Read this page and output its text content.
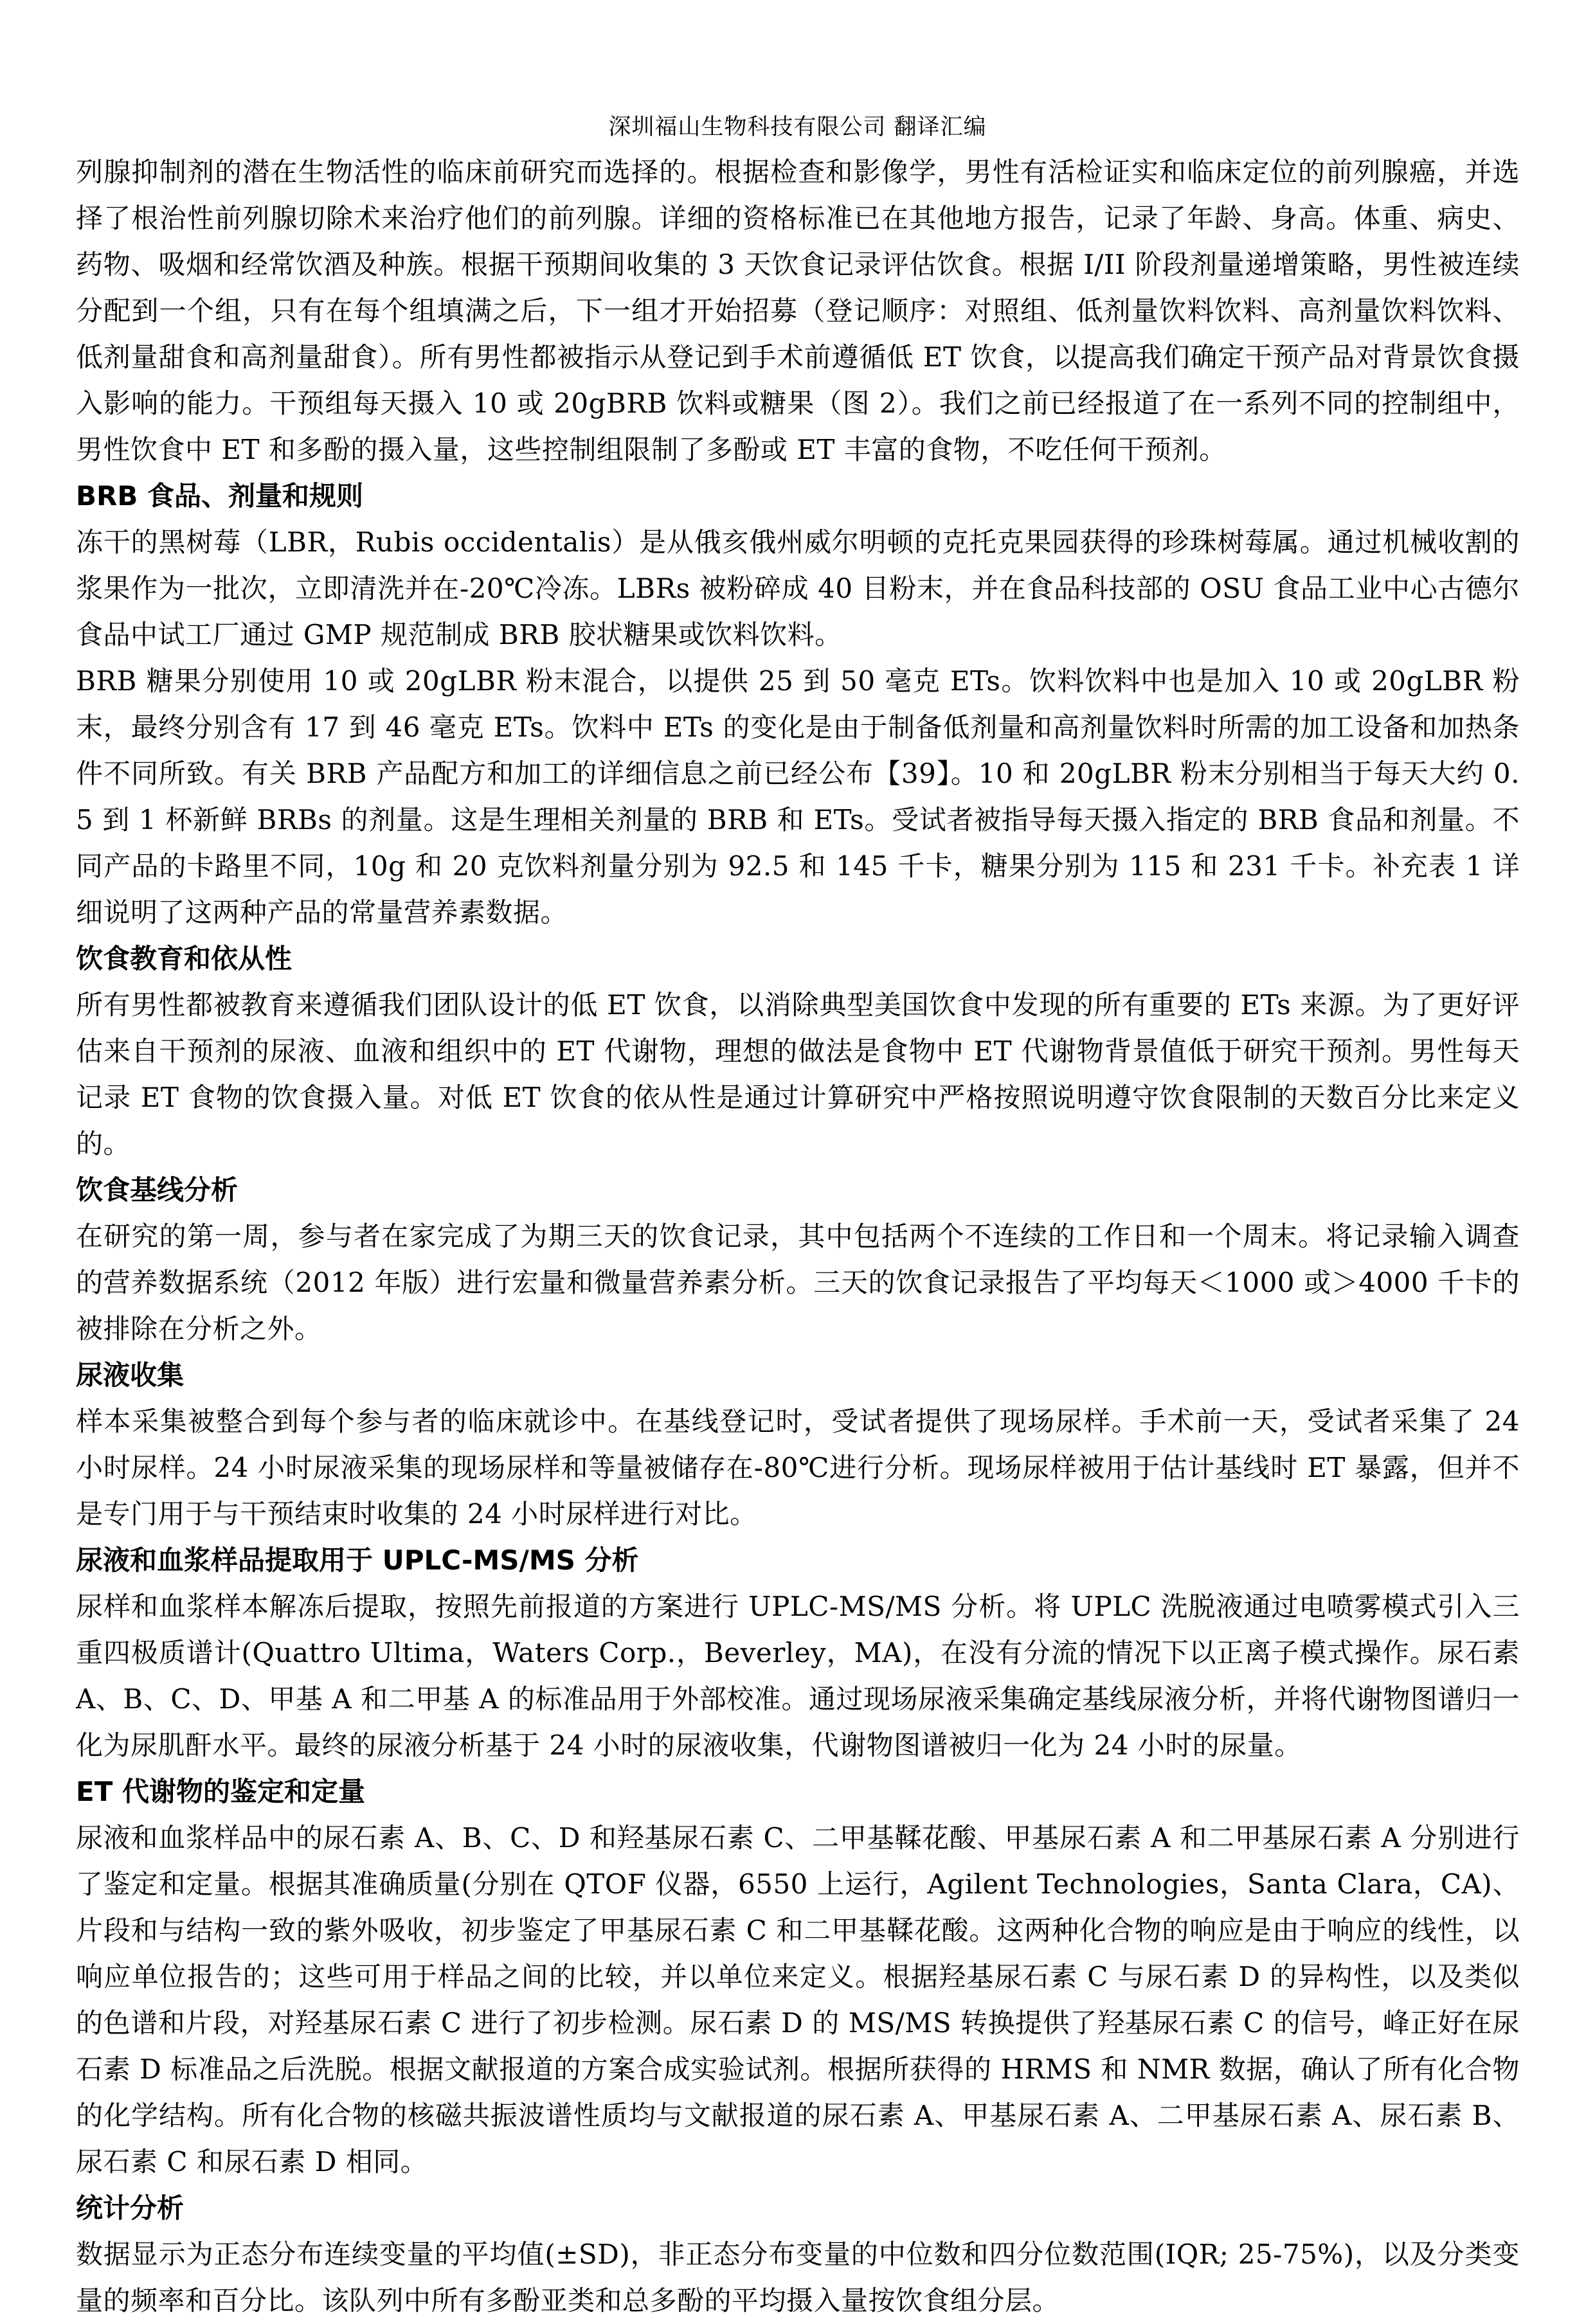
深圳福山生物科技有限公司 翻译汇编

列腺抑制剂的潜在生物活性的临床前研究而选择的。根据检查和影像学，男性有活检证实和临床定位的前列腺癌，并选择了根治性前列腺切除术来治疗他们的前列腺。详细的资格标准已在其他地方报告，记录了年龄、身高。体重、病史、药物、吸烟和经常饮酒及种族。根据干预期间收集的 3 天饮食记录评估饮食。根据 I/II 阶段剂量递增策略，男性被连续分配到一个组，只有在每个组填满之后，下一组才开始招募（登记顺序：对照组、低剂量饮料饮料、高剂量饮料饮料、低剂量甜食和高剂量甜食）。所有男性都被指示从登记到手术前遵循低 ET 饮食，以提高我们确定干预产品对背景饮食摄入影响的能力。干预组每天摄入 10 或 20gBRB 饮料或糖果（图 2）。我们之前已经报道了在一系列不同的控制组中，男性饮食中 ET 和多酚的摄入量，这些控制组限制了多酚或 ET 丰富的食物，不吃任何干预剂。

BRB 食品、剂量和规则

冻干的黑树莓（LBR，Rubis occidentalis）是从俄亥俄州威尔明顿的克托克果园获得的珍珠树莓属。通过机械收割的浆果作为一批次，立即清洗并在-20℃冷冻。LBRs 被粉碎成 40 目粉末，并在食品科技部的 OSU 食品工业中心古德尔食品中试工厂通过 GMP 规范制成 BRB 胶状糖果或饮料饮料。

BRB 糖果分别使用 10 或 20gLBR 粉末混合，以提供 25 到 50 毫克 ETs。饮料饮料中也是加入 10 或 20gLBR 粉末，最终分别含有 17 到 46 毫克 ETs。饮料中 ETs 的变化是由于制备低剂量和高剂量饮料时所需的加工设备和加热条件不同所致。有关 BRB 产品配方和加工的详细信息之前已经公布【39】。10 和 20gLBR 粉末分别相当于每天大约 0.5 到 1 杯新鲜 BRBs 的剂量。这是生理相关剂量的 BRB 和 ETs。受试者被指导每天摄入指定的 BRB 食品和剂量。不同产品的卡路里不同，10g 和 20 克饮料剂量分别为 92.5 和 145 千卡，糖果分别为 115 和 231 千卡。补充表 1 详细说明了这两种产品的常量营养素数据。

饮食教育和依从性

所有男性都被教育来遵循我们团队设计的低 ET 饮食，以消除典型美国饮食中发现的所有重要的 ETs 来源。为了更好评估来自干预剂的尿液、血液和组织中的 ET 代谢物，理想的做法是食物中 ET 代谢物背景值低于研究干预剂。男性每天记录 ET 食物的饮食摄入量。对低 ET 饮食的依从性是通过计算研究中严格按照说明遵守饮食限制的天数百分比来定义的。

饮食基线分析

在研究的第一周，参与者在家完成了为期三天的饮食记录，其中包括两个不连续的工作日和一个周末。将记录输入调查的营养数据系统（2012 年版）进行宏量和微量营养素分析。三天的饮食记录报告了平均每天＜1000 或＞4000 千卡的被排除在分析之外。

尿液收集

样本采集被整合到每个参与者的临床就诊中。在基线登记时，受试者提供了现场尿样。手术前一天，受试者采集了 24 小时尿样。24 小时尿液采集的现场尿样和等量被储存在-80℃进行分析。现场尿样被用于估计基线时 ET 暴露，但并不是专门用于与干预结束时收集的 24 小时尿样进行对比。

尿液和血浆样品提取用于 UPLC-MS/MS 分析

尿样和血浆样本解冻后提取，按照先前报道的方案进行 UPLC-MS/MS 分析。将 UPLC 洗脱液通过电喷雾模式引入三重四极质谱计(Quattro Ultima，Waters Corp.，Beverley，MA)，在没有分流的情况下以正离子模式操作。尿石素 A、B、C、D、甲基 A 和二甲基 A 的标准品用于外部校准。通过现场尿液采集确定基线尿液分析，并将代谢物图谱归一化为尿肌酐水平。最终的尿液分析基于 24 小时的尿液收集，代谢物图谱被归一化为 24 小时的尿量。

ET 代谢物的鉴定和定量

尿液和血浆样品中的尿石素 A、B、C、D 和羟基尿石素 C、二甲基鞣花酸、甲基尿石素 A 和二甲基尿石素 A 分别进行了鉴定和定量。根据其准确质量(分别在 QTOF 仪器，6550 上运行，Agilent Technologies，Santa Clara，CA)、片段和与结构一致的紫外吸收，初步鉴定了甲基尿石素 C 和二甲基鞣花酸。这两种化合物的响应是由于响应的线性，以响应单位报告的；这些可用于样品之间的比较，并以单位来定义。根据羟基尿石素 C 与尿石素 D 的异构性，以及类似的色谱和片段，对羟基尿石素 C 进行了初步检测。尿石素 D 的 MS/MS 转换提供了羟基尿石素 C 的信号，峰正好在尿石素 D 标准品之后洗脱。根据文献报道的方案合成实验试剂。根据所获得的 HRMS 和 NMR 数据，确认了所有化合物的化学结构。所有化合物的核磁共振波谱性质均与文献报道的尿石素 A、甲基尿石素 A、二甲基尿石素 A、尿石素 B、尿石素 C 和尿石素 D 相同。

统计分析

数据显示为正态分布连续变量的平均值(±SD)，非正态分布变量的中位数和四分位数范围(IQR; 25-75%)，以及分类变量的频率和百分比。该队列中所有多酚亚类和总多酚的平均摄入量按饮食组分层。
